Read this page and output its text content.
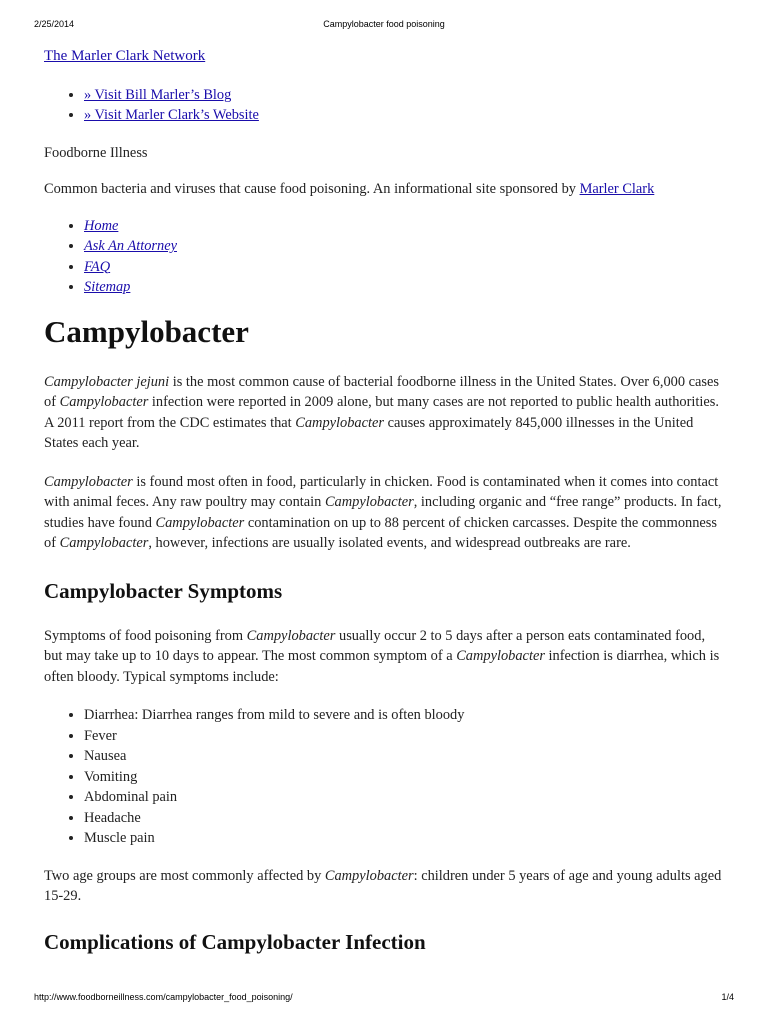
2/25/2014	Campylobacter food poisoning
The Marler Clark Network
• » Visit Bill Marler’s Blog
• » Visit Marler Clark’s Website
Foodborne Illness
Common bacteria and viruses that cause food poisoning. An informational site sponsored by Marler Clark
• Home
• Ask An Attorney
• FAQ
• Sitemap
Campylobacter

Campylobacter jejuni is the most common cause of bacterial foodborne illness in the United States. Over 6,000 cases of Campylobacter infection were reported in 2009 alone, but many cases are not reported to public health authorities. A 2011 report from the CDC estimates that Campylobacter causes approximately 845,000 illnesses in the United States each year.

Campylobacter is found most often in food, particularly in chicken. Food is contaminated when it comes into contact with animal feces. Any raw poultry may contain Campylobacter, including organic and “free range” products. In fact, studies have found Campylobacter contamination on up to 88 percent of chicken carcasses. Despite the commonness of Campylobacter, however, infections are usually isolated events, and widespread outbreaks are rare.

Campylobacter Symptoms

Symptoms of food poisoning from Campylobacter usually occur 2 to 5 days after a person eats contaminated food, but may take up to 10 days to appear. The most common symptom of a Campylobacter infection is diarrhea, which is often bloody. Typical symptoms include:

• Diarrhea: Diarrhea ranges from mild to severe and is often bloody
• Fever
• Nausea
• Vomiting
• Abdominal pain
• Headache
• Muscle pain

Two age groups are most commonly affected by Campylobacter: children under 5 years of age and young adults aged 15-29.

Complications of Campylobacter Infection
http://www.foodborneillness.com/campylobacter_food_poisoning/	1/4
